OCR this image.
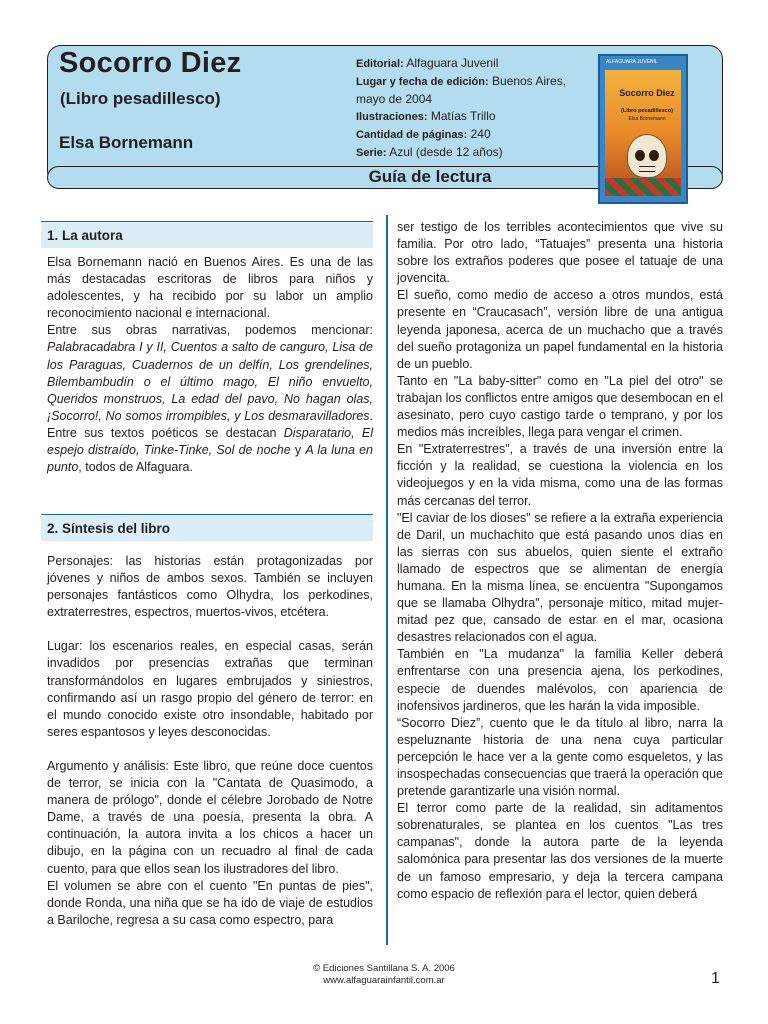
Socorro Diez
(Libro pesadillesco)
Elsa Bornemann
Editorial: Alfaguara Juvenil
Lugar y fecha de edición: Buenos Aires, mayo de 2004
Ilustraciones: Matías Trillo
Cantidad de páginas: 240
Serie: Azul (desde 12 años)
Guía de lectura
ALFAGUARA JUVENIL
Socorro Diez
(Libro pesadillesco)
Elsa Bornemann
1. La autora
2. Síntesis del libro

Elsa Bornemann nació en Buenos Aires. Es una de las más destacadas escritoras de libros para niños y adolescentes, y ha recibido por su labor un amplio reconocimiento nacional e internacional.

Entre sus obras narrativas, podemos mencionar: Palabracadabra I y II, Cuentos a salto de canguro, Lisa de los Paraguas, Cuadernos de un delfín, Los grendelines, Bilembambudín o el último mago, El niño envuelto, Queridos monstruos, La edad del pavo, No hagan olas, ¡Socorro!, No somos irrompibles, y Los desmaravilladores. Entre sus textos poéticos se destacan Disparatario, El espejo distraído, Tinke-Tinke, Sol de noche y A la luna en punto, todos de Alfaguara.

Personajes: las historias están protagonizadas por jóvenes y niños de ambos sexos. También se incluyen personajes fantásticos como Olhydra, los perkodines, extraterrestres, espectros, muertos-vivos, etcétera.

Lugar: los escenarios reales, en especial casas, serán invadidos por presencias extrañas que terminan transformándolos en lugares embrujados y siniestros, confirmando así un rasgo propio del género de terror: en el mundo conocido existe otro insondable, habitado por seres espantosos y leyes desconocidas.

Argumento y análisis: Este libro, que reúne doce cuentos de terror, se inicia con la "Cantata de Quasimodo, a manera de prólogo", donde el célebre Jorobado de Notre Dame, a través de una poesía, presenta la obra. A continuación, la autora invita a los chicos a hacer un dibujo, en la página con un recuadro al final de cada cuento, para que ellos sean los ilustradores del libro.

El volumen se abre con el cuento "En puntas de pies", donde Ronda, una niña que se ha ido de viaje de estudios a Bariloche, regresa a su casa como espectro, para

ser testigo de los terribles acontecimientos que vive su familia. Por otro lado, “Tatuajes” presenta una historia sobre los extraños poderes que posee el tatuaje de una jovencita.

El sueño, como medio de acceso a otros mundos, está presente en “Craucasach”, versión libre de una antigua leyenda japonesa, acerca de un muchacho que a través del sueño protagoniza un papel fundamental en la historia de un pueblo.

Tanto en "La baby-sitter" como en "La piel del otro" se trabajan los conflictos entre amigos que desembocan en el asesinato, pero cuyo castigo tarde o temprano, y por los medios más increíbles, llega para vengar el crimen.

En "Extraterrestres", a través de una inversión entre la ficción y la realidad, se cuestiona la violencia en los videojuegos y en la vida misma, como una de las formas más cercanas del terror.

"El caviar de los dioses" se refiere a la extraña experiencia de Daril, un muchachito que está pasando unos días en las sierras con sus abuelos, quien siente el extraño llamado de espectros que se alimentan de energía humana. En la misma línea, se encuentra "Supongamos que se llamaba Olhydra", personaje mítico, mitad mujer-mitad pez que, cansado de estar en el mar, ocasiona desastres relacionados con el agua.

También en "La mudanza" la familia Keller deberá enfrentarse con una presencia ajena, los perkodines, especie de duendes malévolos, con apariencia de inofensivos jardineros, que les harán la vida imposible.

“Socorro Diez”, cuento que le da título al libro, narra la espeluznante historia de una nena cuya particular percepción le hace ver a la gente como esqueletos, y las insospechadas consecuencias que traerá la operación que pretende garantizarle una visión normal.

El terror como parte de la realidad, sin aditamentos sobrenaturales, se plantea en los cuentos "Las tres campanas", donde la autora parte de la leyenda salomónica para presentar las dos versiones de la muerte de un famoso empresario, y deja la tercera campana como espacio de reflexión para el lector, quien deberá

© Ediciones Santillana S. A. 2006
www.alfaguarainfantil.com.ar	1
